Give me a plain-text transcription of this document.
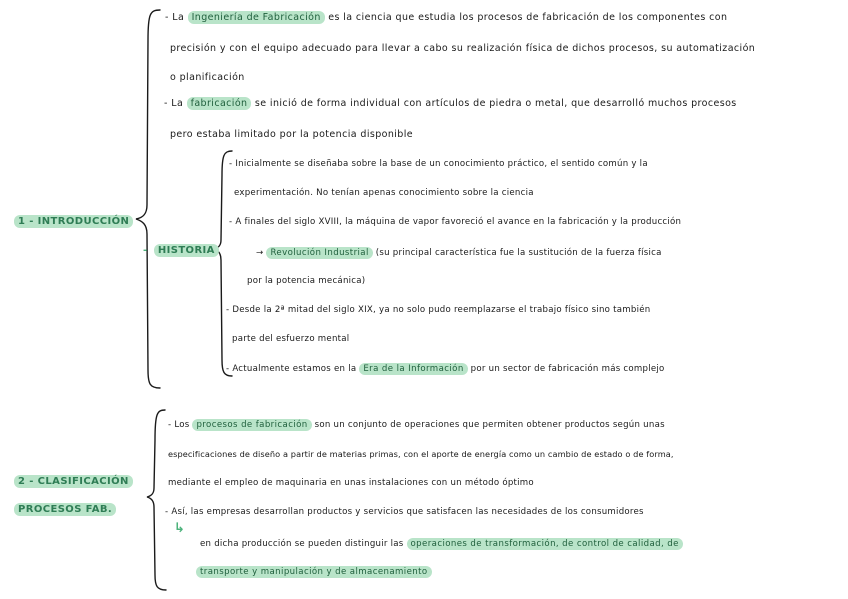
1 - INTRODUCCIÓN
- La Ingeniería de Fabricación es la ciencia que estudia los procesos de fabricación de los componentes con
precisión y con el equipo adecuado para llevar a cabo su realización física de dichos procesos, su automatización
o planificación
- La fabricación se inició de forma individual con artículos de piedra o metal, que desarrolló muchos procesos
pero estaba limitado por la potencia disponible
- HISTORIA
- Inicialmente se diseñaba sobre la base de un conocimiento práctico, el sentido común y la
experimentación. No tenían apenas conocimiento sobre la ciencia
- A finales del siglo XVIII, la máquina de vapor favoreció el avance en la fabricación y la producción
→ Revolución Industrial (su principal característica fue la sustitución de la fuerza física
por la potencia mecánica)
- Desde la 2ª mitad del siglo XIX, ya no solo pudo reemplazarse el trabajo físico sino también
parte del esfuerzo mental
- Actualmente estamos en la Era de la Información por un sector de fabricación más complejo
2 - CLASIFICACIÓN
PROCESOS FAB.
- Los procesos de fabricación son un conjunto de operaciones que permiten obtener productos según unas
especificaciones de diseño a partir de materias primas, con el aporte de energía como un cambio de estado o de forma,
mediante el empleo de maquinaria en unas instalaciones con un método óptimo
- Así, las empresas desarrollan productos y servicios que satisfacen las necesidades de los consumidores
↳
en dicha producción se pueden distinguir las operaciones de transformación, de control de calidad, de
transporte y manipulación y de almacenamiento
